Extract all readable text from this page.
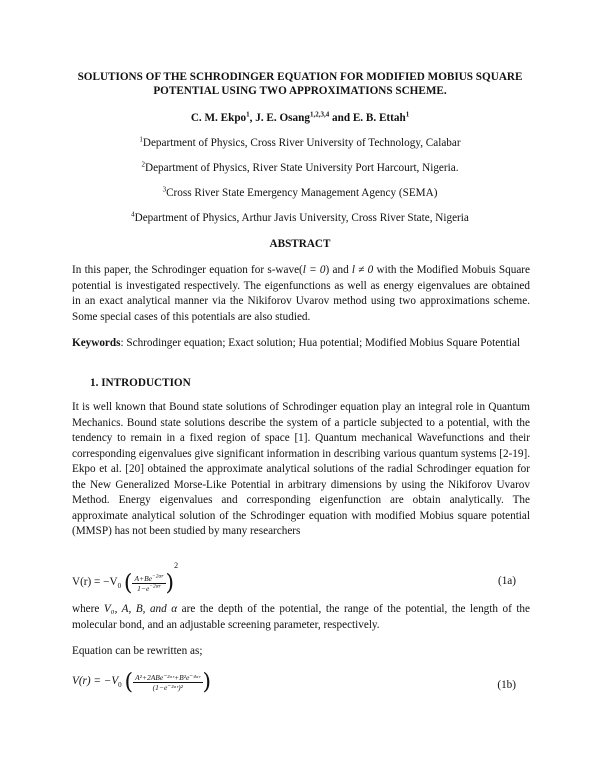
SOLUTIONS OF THE SCHRODINGER EQUATION FOR MODIFIED MOBIUS SQUARE POTENTIAL USING TWO APPROXIMATIONS SCHEME.
C. M. Ekpo$^1$, J. E. Osang$^{1,2,3,4}$ and E. B. Ettah$^1$
$^1$Department of Physics, Cross River University of Technology, Calabar
$^2$Department of Physics, River State University Port Harcourt, Nigeria.
$^3$Cross River State Emergency Management Agency (SEMA)
$^4$Department of Physics, Arthur Javis University, Cross River State, Nigeria
ABSTRACT
In this paper, the Schrodinger equation for s-wave(l = 0) and l ≠ 0 with the Modified Mobuis Square potential is investigated respectively. The eigenfunctions as well as energy eigenvalues are obtained in an exact analytical manner via the Nikiforov Uvarov method using two approximations scheme. Some special cases of this potentials are also studied.
Keywords: Schrodinger equation; Exact solution; Hua potential; Modified Mobius Square Potential
1. INTRODUCTION
It is well known that Bound state solutions of Schrodinger equation play an integral role in Quantum Mechanics. Bound state solutions describe the system of a particle subjected to a potential, with the tendency to remain in a fixed region of space [1]. Quantum mechanical Wavefunctions and their corresponding eigenvalues give significant information in describing various quantum systems [2-19]. Ekpo et al. [20] obtained the approximate analytical solutions of the radial Schrodinger equation for the New Generalized Morse-Like Potential in arbitrary dimensions by using the Nikiforov Uvarov Method. Energy eigenvalues and corresponding eigenfunction are obtain analytically. The approximate analytical solution of the Schrodinger equation with modified Mobius square potential (MMSP) has not been studied by many researchers
$V(r) = -V_0$ ( $\frac{A+Be^{-2\alpha r}}{1-e^{-2\alpha r}} )^2$
(1a)
where V₀, A, B, and α are the depth of the potential, the range of the potential, the length of the molecular bond, and an adjustable screening parameter, respectively.
Equation can be rewritten as;
$V(r) = -V_0$ ( $\frac{\text{A²+2ABe⁻²ᵅʳ+B²e⁻⁴ᵅʳ}}{\text{(1−e⁻²ᵅʳ)²}}$ )	(1b)
